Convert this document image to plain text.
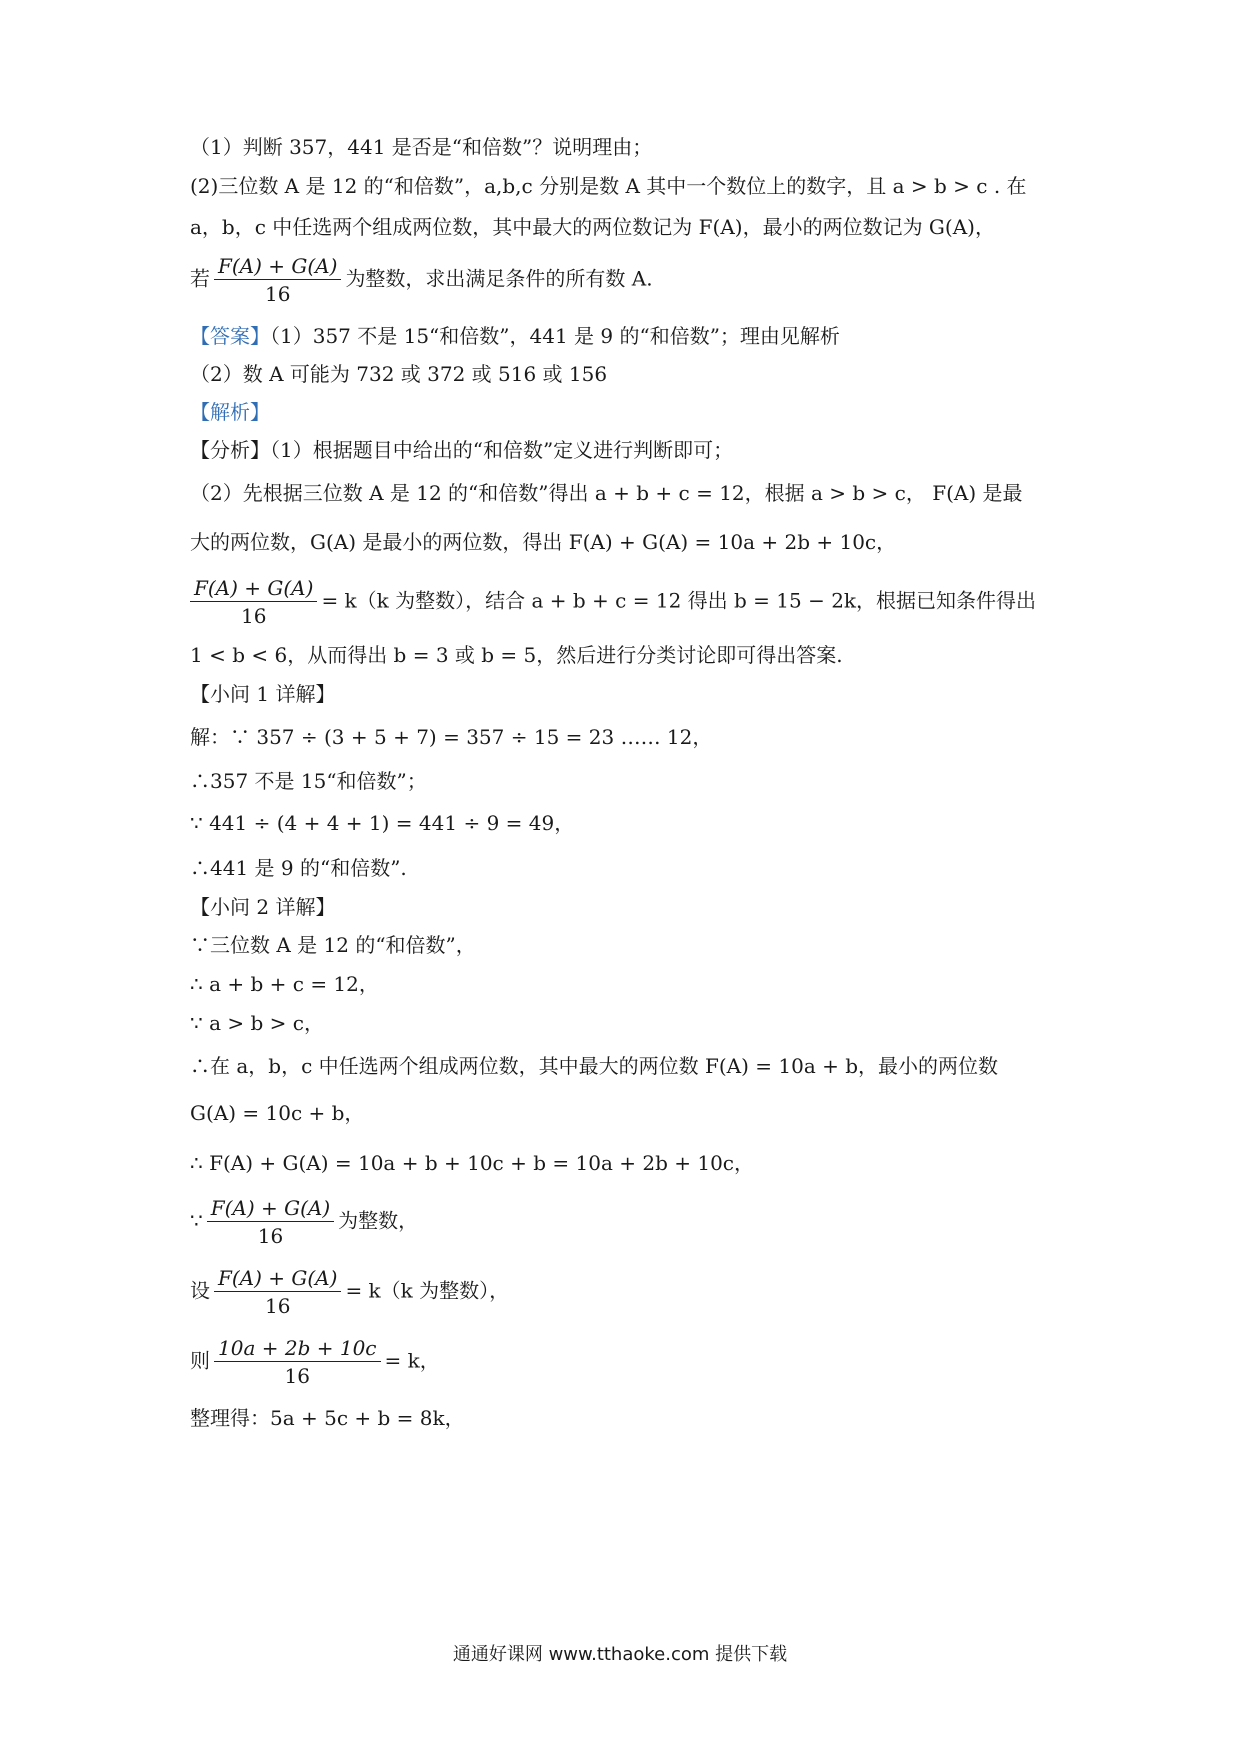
（1）判断 357，441 是否是“和倍数”？说明理由；
(2)三位数 A 是 12 的“和倍数”，a,b,c 分别是数 A 其中一个数位上的数字，且 a > b > c . 在
a，b，c 中任选两个组成两位数，其中最大的两位数记为 F(A)，最小的两位数记为 G(A)，
若 $\frac{F(A) + G(A)}{16}$ 为整数，求出满足条件的所有数 A.
【答案】（1）357 不是 15“和倍数”，441 是 9 的“和倍数”；理由见解析
（2）数 A 可能为 732 或 372 或 516 或 156
【解析】
【分析】（1）根据题目中给出的“和倍数”定义进行判断即可；
（2）先根据三位数 A 是 12 的“和倍数”得出 a + b + c = 12，根据 a > b > c， F(A) 是最
大的两位数，G(A) 是最小的两位数，得出 F(A) + G(A) = 10a + 2b + 10c，
$\frac{F(A) + G(A)}{16} = k(k$ 为整数），结合 a + b + c = 12 得出 b = 15 − 2k，根据已知条件得出
1 < b < 6，从而得出 b = 3 或 b = 5，然后进行分类讨论即可得出答案.
【小问 1 详解】
解：∵ 357 ÷ (3 + 5 + 7) = 357 ÷ 15 = 23 …… 12，
∴357 不是 15“和倍数”；
∵ 441 ÷ (4 + 4 + 1) = 441 ÷ 9 = 49，
∴441 是 9 的“和倍数”.
【小问 2 详解】
∵三位数 A 是 12 的“和倍数”，
∴ a + b + c = 12，
∵ a > b > c，
∴在 a，b，c 中任选两个组成两位数，其中最大的两位数 F(A) = 10a + b，最小的两位数
G(A) = 10c + b，
∴ F(A) + G(A) = 10a + b + 10c + b = 10a + 2b + 10c，
∵ $\frac{F(A) + G(A)}{16}$ 为整数，
设 $\frac{F(A) + G(A)}{16} = k(k$ 为整数），
则 $\frac{10a + 2b + 10c}{16} = k$，
整理得：5a + 5c + b = 8k，
通通好课网 www.tthaoke.com 提供下载
